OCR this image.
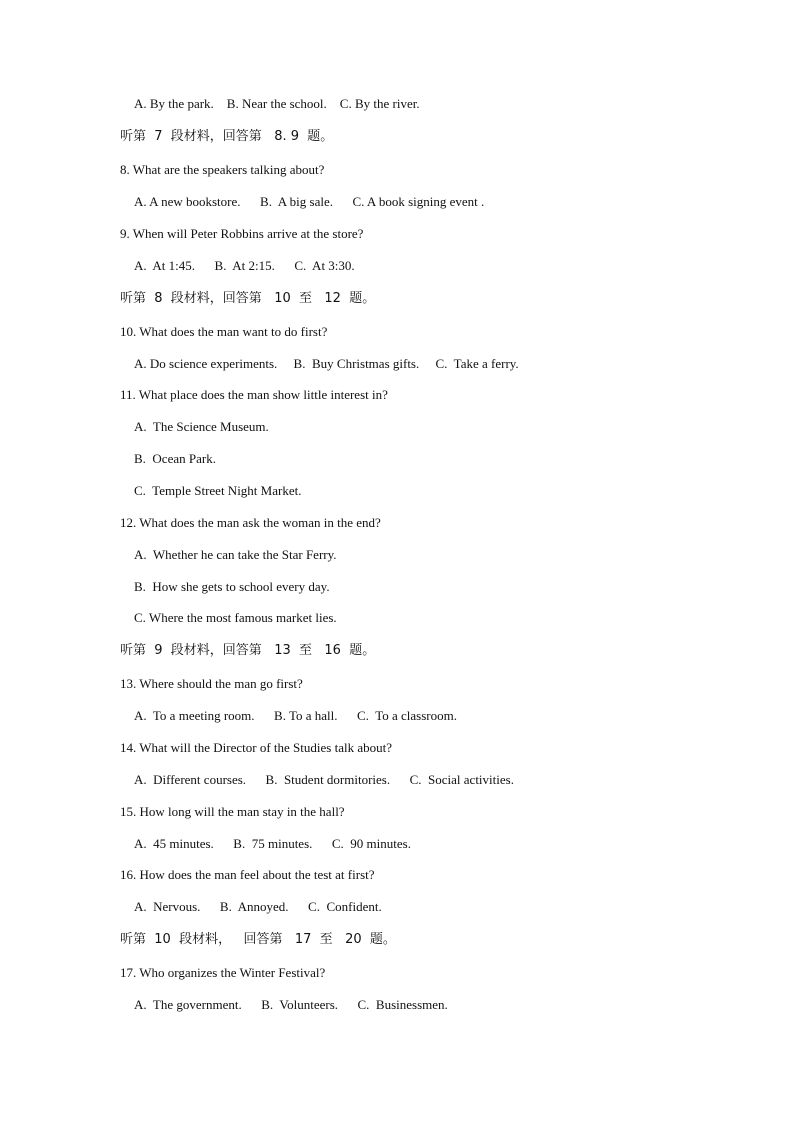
A. By the park.    B. Near the school.    C. By the river.
听第  7  段材料，回答第   8. 9  题。
8. What are the speakers talking about?
A. A new bookstore.      B.  A big sale.      C. A book signing event .
9. When will Peter Robbins arrive at the store?
A.  At 1:45.      B.  At 2:15.      C.  At 3:30.
听第  8  段材料，回答第   10  至   12  题。
10. What does the man want to do first?
A. Do science experiments.     B.  Buy Christmas gifts.     C.  Take a ferry.
11. What place does the man show little interest in?
A.  The Science Museum.
B.  Ocean Park.
C.  Temple Street Night Market.
12. What does the man ask the woman in the end?
A.  Whether he can take the Star Ferry.
B.  How she gets to school every day.
C. Where the most famous market lies.
听第  9  段材料，回答第   13  至   16  题。
13. Where should the man go first?
A.  To a meeting room.      B. To a hall.      C.  To a classroom.
14. What will the Director of the Studies talk about?
A.  Different courses.      B.  Student dormitories.      C.  Social activities.
15. How long will the man stay in the hall?
A.  45 minutes.      B.  75 minutes.      C.  90 minutes.
16. How does the man feel about the test at first?
A.  Nervous.      B.  Annoyed.      C.  Confident.
听第  10  段材料，   回答第   17  至   20  题。
17. Who organizes the Winter Festival?
A.  The government.      B.  Volunteers.      C.  Businessmen.
